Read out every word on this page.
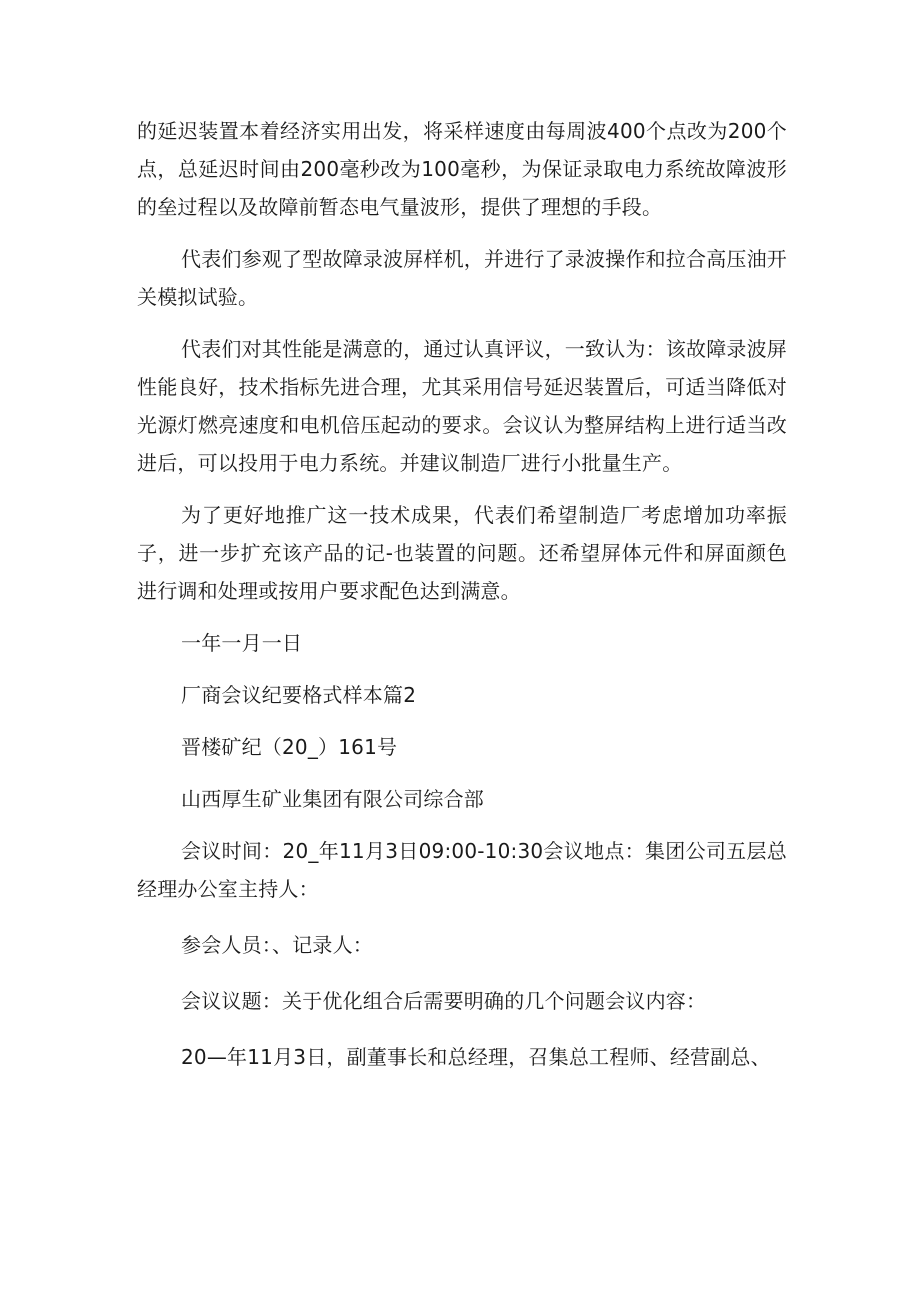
的延迟装置本着经济实用出发，将采样速度由每周波400个点改为200个点，总延迟时间由200毫秒改为100毫秒，为保证录取电力系统故障波形的垒过程以及故障前暂态电气量波形，提供了理想的手段。

代表们参观了型故障录波屏样机，并进行了录波操作和拉合高压油开关模拟试验。

代表们对其性能是满意的，通过认真评议，一致认为：该故障录波屏性能良好，技术指标先进合理，尤其采用信号延迟装置后，可适当降低对光源灯燃亮速度和电机倍压起动的要求。会议认为整屏结构上进行适当改进后，可以投用于电力系统。并建议制造厂进行小批量生产。

为了更好地推广这一技术成果，代表们希望制造厂考虑增加功率振子，进一步扩充该产品的记-也装置的问题。还希望屏体元件和屏面颜色进行调和处理或按用户要求配色达到满意。

一年一月一日

厂商会议纪要格式样本篇2

晋楼矿纪（20_）161号

山西厚生矿业集团有限公司综合部

会议时间：20_年11月3日09:00-10:30会议地点：集团公司五层总经理办公室主持人：

参会人员：、记录人：

会议议题：关于优化组合后需要明确的几个问题会议内容：

20—年11月3日，副董事长和总经理，召集总工程师、经营副总、
